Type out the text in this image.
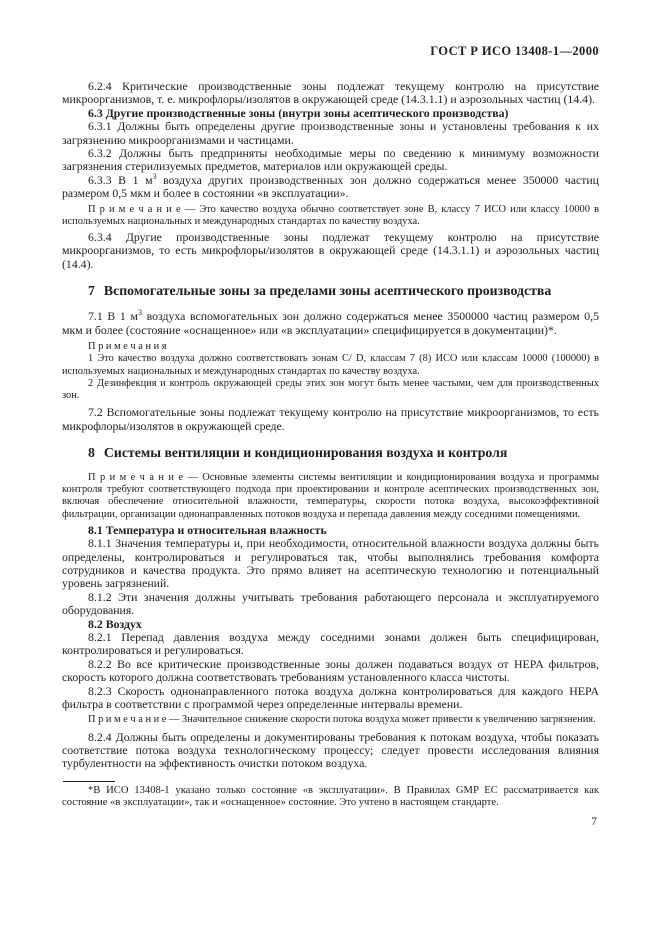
ГОСТ Р ИСО 13408-1—2000

6.2.4 Критические производственные зоны подлежат текущему контролю на присутствие микроорганизмов, т. е. микрофлоры/изолятов в окружающей среде (14.3.1.1) и аэрозольных частиц (14.4).

6.3 Другие производственные зоны (внутри зоны асептического производства)

6.3.1 Должны быть определены другие производственные зоны и установлены требования к их загрязнению микроорганизмами и частицами.

6.3.2 Должны быть предприняты необходимые меры по сведению к минимуму возможности загрязнения стерилизуемых предметов, материалов или окружающей среды.

6.3.3 В 1 $м^3$ воздуха других производственных зон должно содержаться менее 350000 частиц размером 0,5 мкм и более в состоянии «в эксплуатации».

П р и м е ч а н и е — Это качество воздуха обычно соответствует зоне В, классу 7 ИСО или классу 10000 в используемых национальных и международных стандартах по качеству воздуха.

6.3.4 Другие производственные зоны подлежат текущему контролю на присутствие микроорганизмов, то есть микрофлоры/изолятов в окружающей среде (14.3.1.1) и аэрозольных частиц (14.4).

7 Вспомогательные зоны за пределами зоны асептического производства

7.1 В 1 $м^3$ воздуха вспомогательных зон должно содержаться менее 3500000 частиц размером 0,5 мкм и более (состояние «оснащенное» или «в эксплуатации» специфицируется в документации)*.

П р и м е ч а н и я

1 Это качество воздуха должно соответствовать зонам C/ D, классам 7 (8) ИСО или классам 10000 (100000) в используемых национальных и международных стандартах по качеству воздуха.

2 Дезинфекция и контроль окружающей среды этих зон могут быть менее частыми, чем для производственных зон.

7.2 Вспомогательные зоны подлежат текущему контролю на присутствие микроорганизмов, то есть микрофлоры/изолятов в окружающей среде.

8 Системы вентиляции и кондиционирования воздуха и контроля

П р и м е ч а н и е — Основные элементы системы вентиляции и кондиционирования воздуха и программы контроля требуют соответствующего подхода при проектировании и контроле асептических производственных зон, включая обеспечение относительной влажности, температуры, скорости потока воздуха, высокоэффективной фильтрации, организации однонаправленных потоков воздуха и перепада давления между соседними помещениями.

8.1 Температура и относительная влажность

8.1.1 Значения температуры и, при необходимости, относительной влажности воздуха должны быть определены, контролироваться и регулироваться так, чтобы выполнялись требования комфорта сотрудников и качества продукта. Это прямо влияет на асептическую технологию и потенциальный уровень загрязнений.

8.1.2 Эти значения должны учитывать требования работающего персонала и эксплуатируемого оборудования.

8.2 Воздух

8.2.1 Перепад давления воздуха между соседними зонами должен быть специфицирован, контролироваться и регулироваться.

8.2.2 Во все критические производственные зоны должен подаваться воздух от HEPA фильтров, скорость которого должна соответствовать требованиям установленного класса чистоты.

8.2.3 Скорость однонаправленного потока воздуха должна контролироваться для каждого HEPA фильтра в соответствии с программой через определенные интервалы времени.

П р и м е ч а н и е — Значительное снижение скорости потока воздуха может привести к увеличению загрязнения.

8.2.4 Должны быть определены и документированы требования к потокам воздуха, чтобы показать соответствие потока воздуха технологическому процессу; следует провести исследования влияния турбулентности на эффективность очистки потоком воздуха.

*В ИСО 13408-1 указано только состояние «в эксплуатации». В Правилах GMP ЕС рассматривается как состояние «в эксплуатации», так и «оснащенное» состояние. Это учтено в настоящем стандарте.

7
